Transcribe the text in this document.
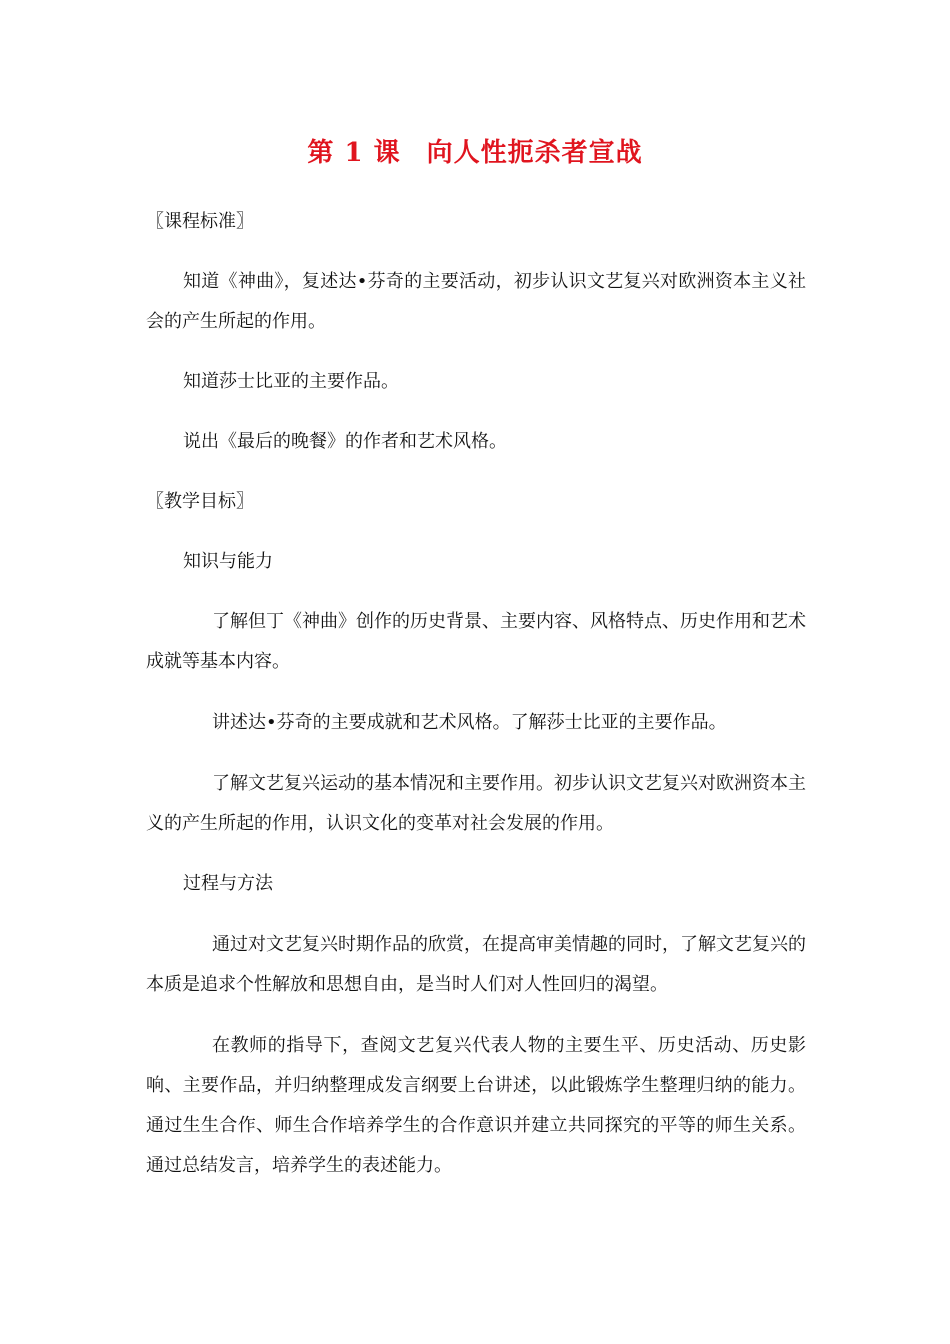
第 1 课 向人性扼杀者宣战

〖课程标准〗

知道《神曲》，复述达•芬奇的主要活动，初步认识文艺复兴对欧洲资本主义社会的产生所起的作用。

知道莎士比亚的主要作品。

说出《最后的晚餐》的作者和艺术风格。

〖教学目标〗

知识与能力

了解但丁《神曲》创作的历史背景、主要内容、风格特点、历史作用和艺术成就等基本内容。

讲述达•芬奇的主要成就和艺术风格。了解莎士比亚的主要作品。

了解文艺复兴运动的基本情况和主要作用。初步认识文艺复兴对欧洲资本主义的产生所起的作用，认识文化的变革对社会发展的作用。

过程与方法

通过对文艺复兴时期作品的欣赏，在提高审美情趣的同时，了解文艺复兴的本质是追求个性解放和思想自由，是当时人们对人性回归的渴望。

在教师的指导下，查阅文艺复兴代表人物的主要生平、历史活动、历史影响、主要作品，并归纳整理成发言纲要上台讲述，以此锻炼学生整理归纳的能力。通过生生合作、师生合作培养学生的合作意识并建立共同探究的平等的师生关系。通过总结发言，培养学生的表述能力。
